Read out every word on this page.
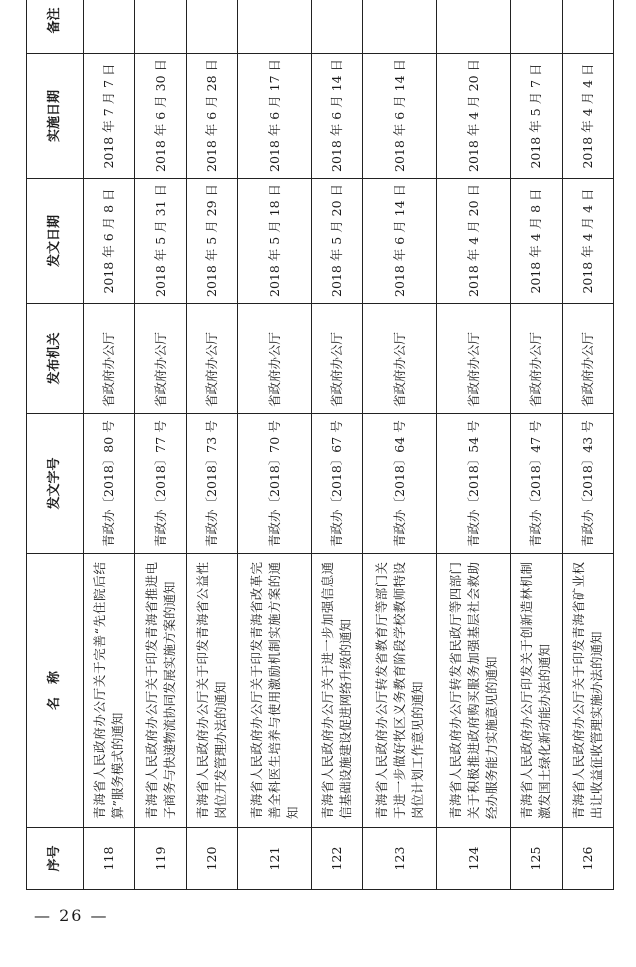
序号	名　称	发文字号	发布机关	发文日期	实施日期	备注
118	青海省人民政府办公厅关于完善“先住院后结算”服务模式的通知	青政办〔2018〕80 号	省政府办公厅	2018 年 6 月 8 日	2018 年 7 月 7 日	
119	青海省人民政府办公厅关于印发青海省推进电子商务与快递物流协同发展实施方案的通知	青政办〔2018〕77 号	省政府办公厅	2018 年 5 月 31 日	2018 年 6 月 30 日	
120	青海省人民政府办公厅关于印发青海省公益性岗位开发管理办法的通知	青政办〔2018〕73 号	省政府办公厅	2018 年 5 月 29 日	2018 年 6 月 28 日	
121	青海省人民政府办公厅关于印发青海省改革完善全科医生培养与使用激励机制实施方案的通知	青政办〔2018〕70 号	省政府办公厅	2018 年 5 月 18 日	2018 年 6 月 17 日	
122	青海省人民政府办公厅关于进一步加强信息通信基础设施建设促进网络升级的通知	青政办〔2018〕67 号	省政府办公厅	2018 年 5 月 20 日	2018 年 6 月 14 日	
123	青海省人民政府办公厅转发省教育厅等部门关于进一步做好牧区义务教育阶段学校教师特设岗位计划工作意见的通知	青政办〔2018〕64 号	省政府办公厅	2018 年 6 月 14 日	2018 年 6 月 14 日	
124	青海省人民政府办公厅转发省民政厅等四部门关于积极推进政府购买服务加强基层社会救助经办服务能力实施意见的通知	青政办〔2018〕54 号	省政府办公厅	2018 年 4 月 20 日	2018 年 4 月 20 日	
125	青海省人民政府办公厅印发关于创新造林机制激发国土绿化新动能办法的通知	青政办〔2018〕47 号	省政府办公厅	2018 年 4 月 8 日	2018 年 5 月 7 日	
126	青海省人民政府办公厅关于印发青海省矿业权出让收益征收管理实施办法的通知	青政办〔2018〕43 号	省政府办公厅	2018 年 4 月 4 日	2018 年 4 月 4 日	
— 26 —
